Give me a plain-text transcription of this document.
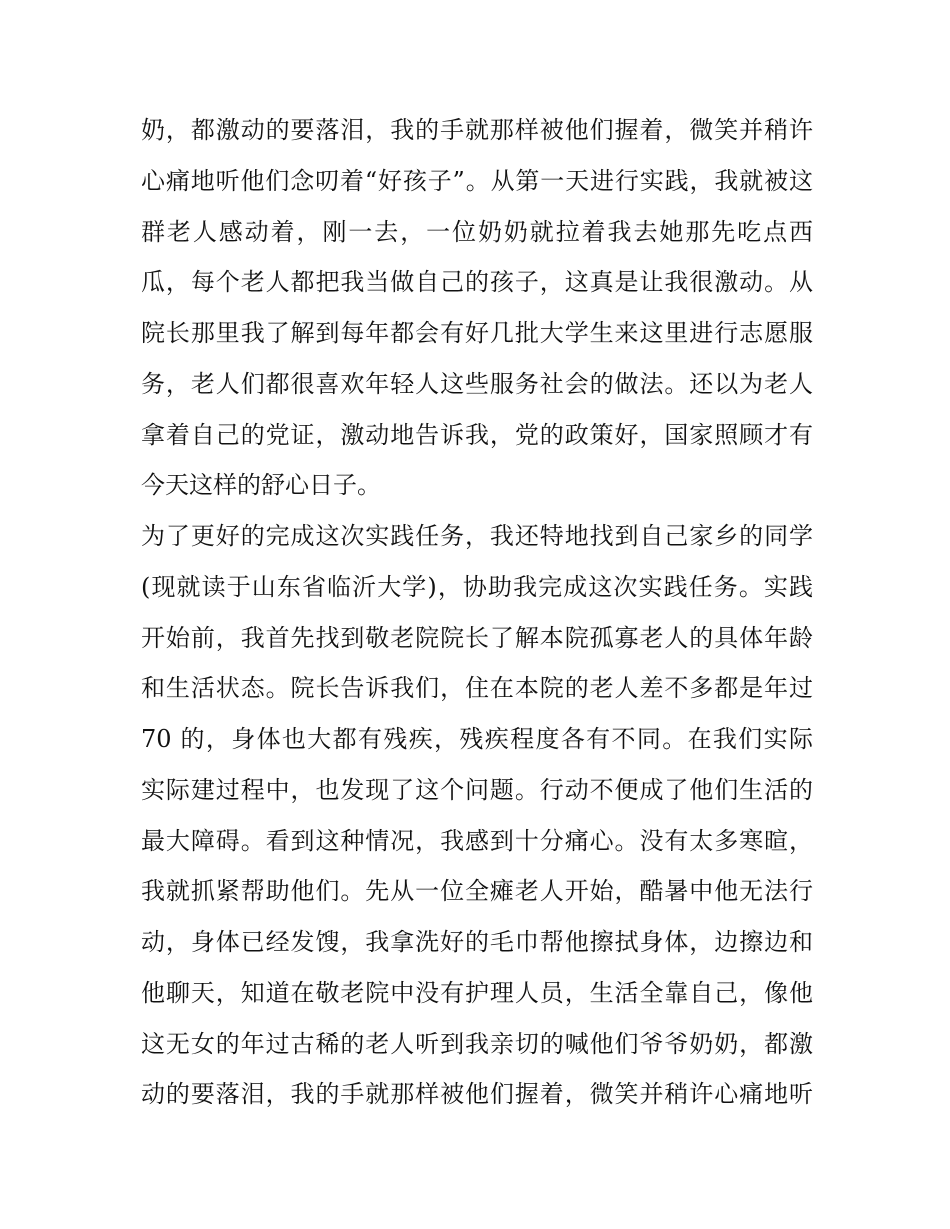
奶，都激动的要落泪，我的手就那样被他们握着，微笑并稍许
心痛地听他们念叨着“好孩子”。从第一天进行实践，我就被这
群老人感动着，刚一去，一位奶奶就拉着我去她那先吃点西
瓜，每个老人都把我当做自己的孩子，这真是让我很激动。从
院长那里我了解到每年都会有好几批大学生来这里进行志愿服
务，老人们都很喜欢年轻人这些服务社会的做法。还以为老人
拿着自己的党证，激动地告诉我，党的政策好，国家照顾才有
今天这样的舒心日子。
为了更好的完成这次实践任务，我还特地找到自己家乡的同学
(现就读于山东省临沂大学)，协助我完成这次实践任务。实践
开始前，我首先找到敬老院院长了解本院孤寡老人的具体年龄
和生活状态。院长告诉我们，住在本院的老人差不多都是年过
70 的，身体也大都有残疾，残疾程度各有不同。在我们实际
实际建过程中，也发现了这个问题。行动不便成了他们生活的
最大障碍。看到这种情况，我感到十分痛心。没有太多寒暄，
我就抓紧帮助他们。先从一位全瘫老人开始，酷暑中他无法行
动，身体已经发馊，我拿洗好的毛巾帮他擦拭身体，边擦边和
他聊天，知道在敬老院中没有护理人员，生活全靠自己，像他
这无女的年过古稀的老人听到我亲切的喊他们爷爷奶奶，都激
动的要落泪，我的手就那样被他们握着，微笑并稍许心痛地听
